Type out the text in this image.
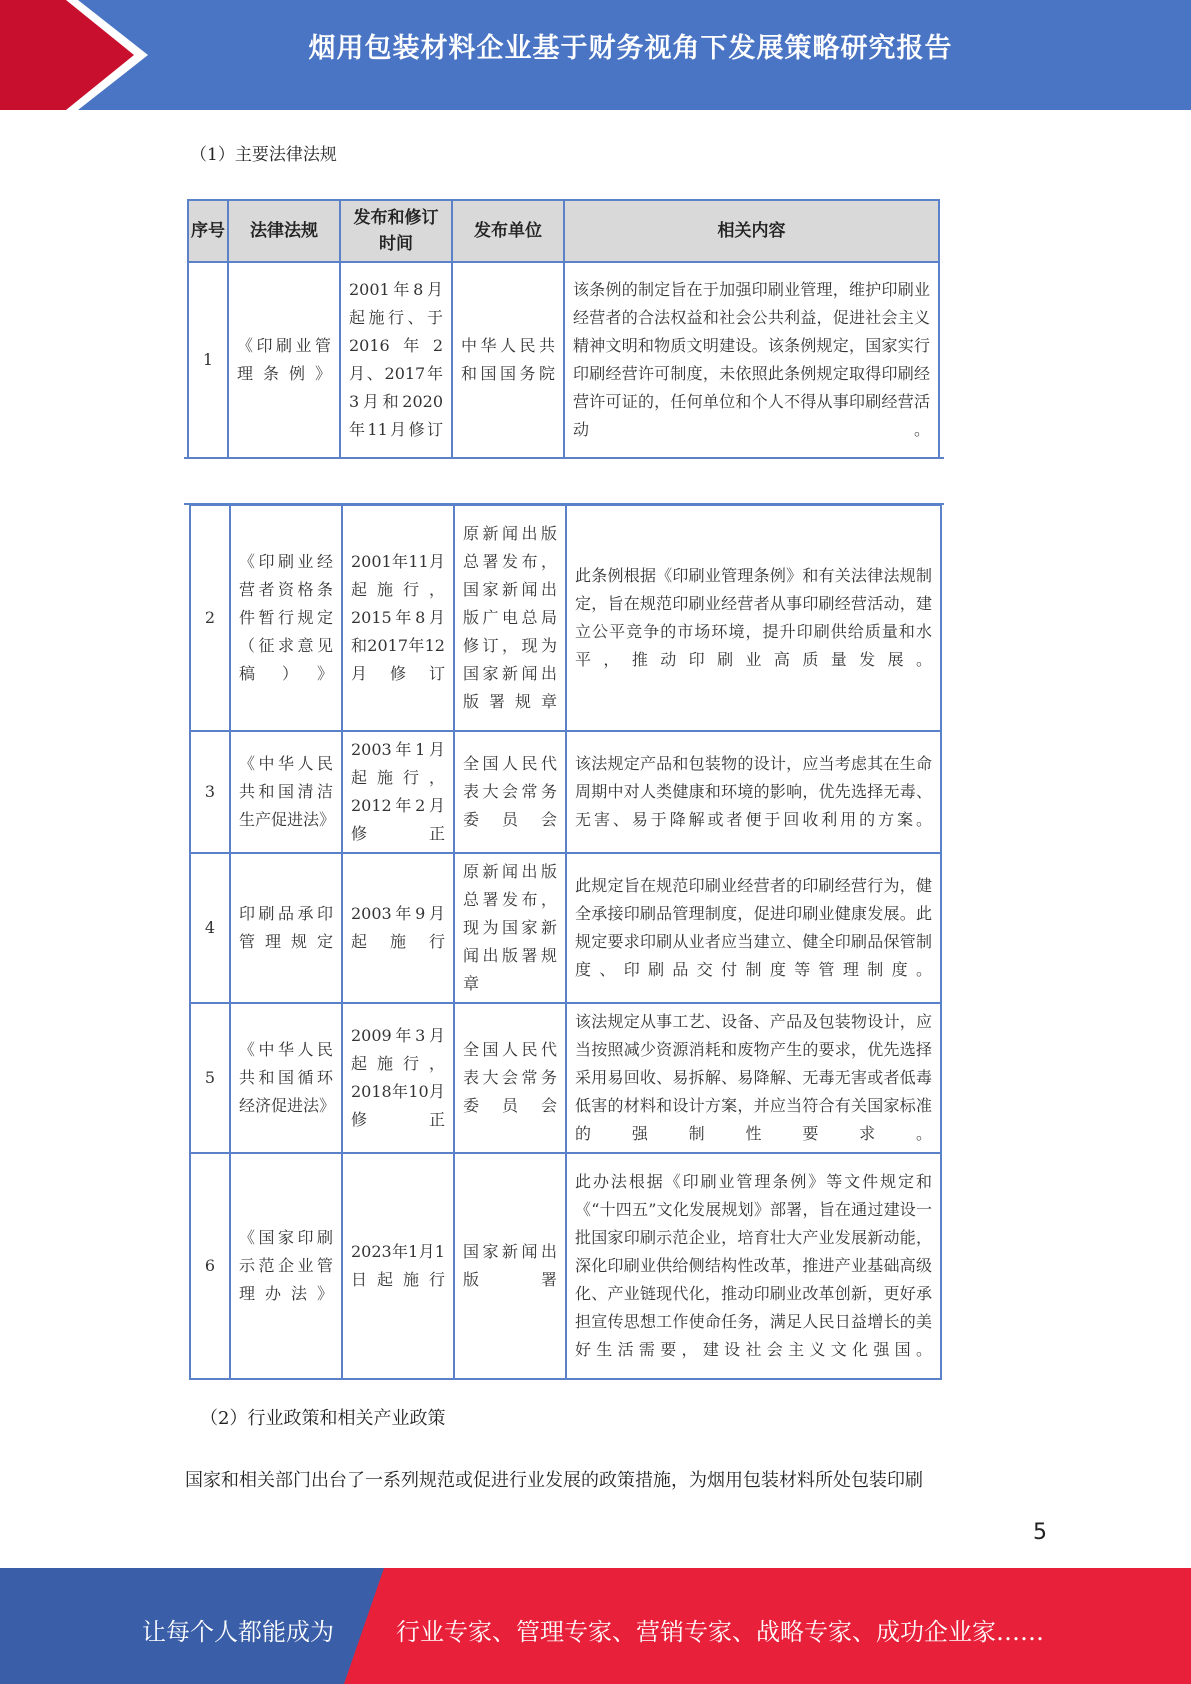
烟用包装材料企业基于财务视角下发展策略研究报告
（1）主要法律法规
序号	法律法规	发布和修订时间	发布单位	相关内容
1	《印刷业管理条例》	2001年8月起施行、于2016年2月、2017年3月和2020年11月修订	中华人民共和国国务院	该条例的制定旨在于加强印刷业管理，维护印刷业经营者的合法权益和社会公共利益，促进社会主义精神文明和物质文明建设。该条例规定，国家实行印刷经营许可制度，未依照此条例规定取得印刷经营许可证的，任何单位和个人不得从事印刷经营活动。
2	《印刷业经营者资格条件暂行规定（征求意见稿）》	2001年11月起施行，2015年8月和2017年12月修订	原新闻出版总署发布，国家新闻出版广电总局修订，现为国家新闻出版署规章	此条例根据《印刷业管理条例》和有关法律法规制定，旨在规范印刷业经营者从事印刷经营活动，建立公平竞争的市场环境，提升印刷供给质量和水平，推动印刷业高质量发展。
3	《中华人民共和国清洁生产促进法》	2003年1月起施行，2012年2月修正	全国人民代表大会常务委员会	该法规定产品和包装物的设计，应当考虑其在生命周期中对人类健康和环境的影响，优先选择无毒、无害、易于降解或者便于回收利用的方案。
4	印刷品承印管理规定	2003年9月起施行	原新闻出版总署发布，现为国家新闻出版署规章	此规定旨在规范印刷业经营者的印刷经营行为，健全承接印刷品管理制度，促进印刷业健康发展。此规定要求印刷从业者应当建立、健全印刷品保管制度、印刷品交付制度等管理制度。
5	《中华人民共和国循环经济促进法》	2009年3月起施行，2018年10月修正	全国人民代表大会常务委员会	该法规定从事工艺、设备、产品及包装物设计，应当按照减少资源消耗和废物产生的要求，优先选择采用易回收、易拆解、易降解、无毒无害或者低毒低害的材料和设计方案，并应当符合有关国家标准的强制性要求。
6	《国家印刷示范企业管理办法》	2023年1月1日起施行	国家新闻出版署	此办法根据《印刷业管理条例》等文件规定和《“十四五”文化发展规划》部署，旨在通过建设一批国家印刷示范企业，培育壮大产业发展新动能，深化印刷业供给侧结构性改革，推进产业基础高级化、产业链现代化，推动印刷业改革创新，更好承担宣传思想工作使命任务，满足人民日益增长的美好生活需要，建设社会主义文化强国。
（2）行业政策和相关产业政策
国家和相关部门出台了一系列规范或促进行业发展的政策措施，为烟用包装材料所处包装印刷
5
让每个人都能成为	行业专家、管理专家、营销专家、战略专家、成功企业家……
